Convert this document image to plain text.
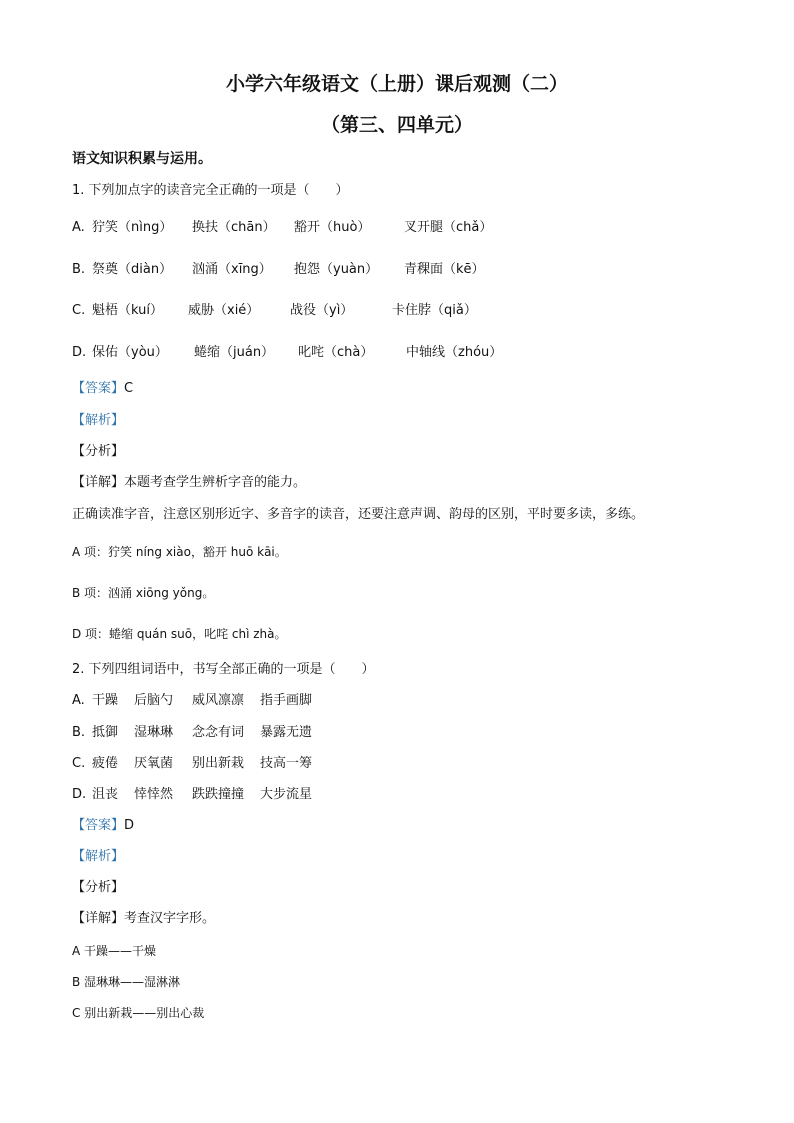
小学六年级语文（上册）课后观测（二）
（第三、四单元）
语文知识积累与运用。
1. 下列加点字的读音完全正确的一项是（　　）
A. 狞笑（nìng） 换扶（chān） 豁开（huò）	叉开腿（chǎ）
B. 祭奠（diàn） 汹涌（xīng） 抱怨（yuàn） 青稞面（kē）
C. 魁梧（kuí） 威胁（xié） 战役（yì）	卡住脖（qiǎ）
D. 保佑（yòu） 蜷缩（juán） 叱咤（chà）	中轴线（zhóu）
【答案】C
【解析】
【分析】
【详解】本题考查学生辨析字音的能力。
正确读准字音，注意区别形近字、多音字的读音，还要注意声调、韵母的区别，平时要多读，多练。
A 项：狞笑 níng xiào，豁开 huō kāi。
B 项：汹涌 xiōng yǒng。
D 项：蜷缩 quán suō，叱咤 chì zhà。
2. 下列四组词语中，书写全部正确的一项是（　　）
A. 干躁 后脑勺 威风凛凛 指手画脚
B. 抵御 湿琳琳 念念有词 暴露无遗
C. 疲倦 厌氧菌 别出新栽 技高一筹
D. 沮丧 悻悻然 跌跌撞撞 大步流星
【答案】D
【解析】
【分析】
【详解】考查汉字字形。
A 干躁——干燥
B 湿琳琳——湿淋淋
C 别出新栽——别出心裁
